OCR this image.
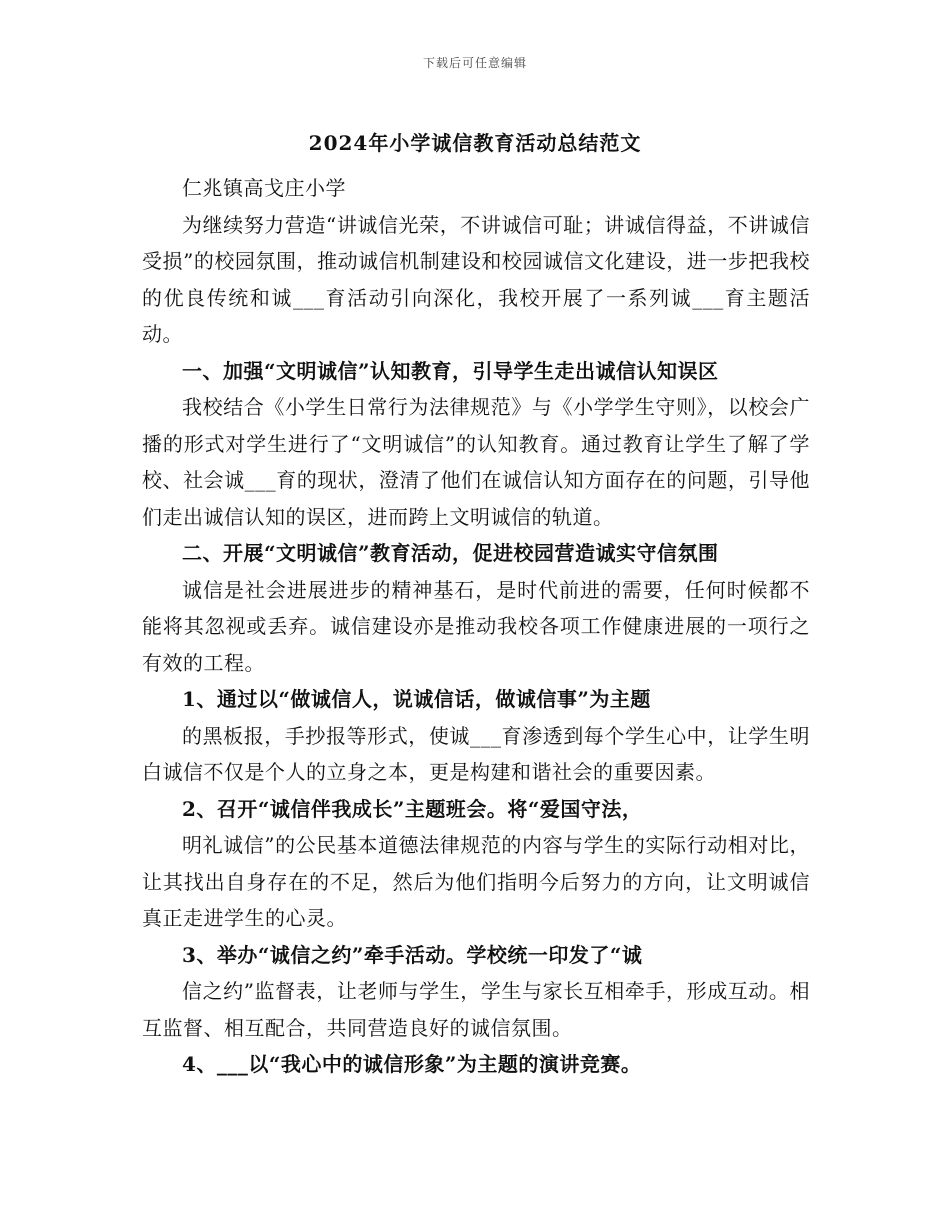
下载后可任意编辑
2024年小学诚信教育活动总结范文

仁兆镇高戈庄小学

为继续努力营造“讲诚信光荣，不讲诚信可耻；讲诚信得益，不讲诚信受损”的校园氛围，推动诚信机制建设和校园诚信文化建设，进一步把我校的优良传统和诚___育活动引向深化，我校开展了一系列诚___育主题活动。

一、加强“文明诚信”认知教育，引导学生走出诚信认知误区

我校结合《小学生日常行为法律规范》与《小学学生守则》，以校会广播的形式对学生进行了“文明诚信”的认知教育。通过教育让学生了解了学校、社会诚___育的现状，澄清了他们在诚信认知方面存在的问题，引导他们走出诚信认知的误区，进而跨上文明诚信的轨道。

二、开展“文明诚信”教育活动，促进校园营造诚实守信氛围

诚信是社会进展进步的精神基石，是时代前进的需要，任何时候都不能将其忽视或丢弃。诚信建设亦是推动我校各项工作健康进展的一项行之有效的工程。

1、通过以“做诚信人，说诚信话，做诚信事”为主题

的黑板报，手抄报等形式，使诚___育渗透到每个学生心中，让学生明白诚信不仅是个人的立身之本，更是构建和谐社会的重要因素。

2、召开“诚信伴我成长”主题班会。将“爱国守法，

明礼诚信”的公民基本道德法律规范的内容与学生的实际行动相对比，让其找出自身存在的不足，然后为他们指明今后努力的方向，让文明诚信真正走进学生的心灵。

3、举办“诚信之约”牵手活动。学校统一印发了“诚

信之约”监督表，让老师与学生，学生与家长互相牵手，形成互动。相互监督、相互配合，共同营造良好的诚信氛围。

4、___以“我心中的诚信形象”为主题的演讲竞赛。
